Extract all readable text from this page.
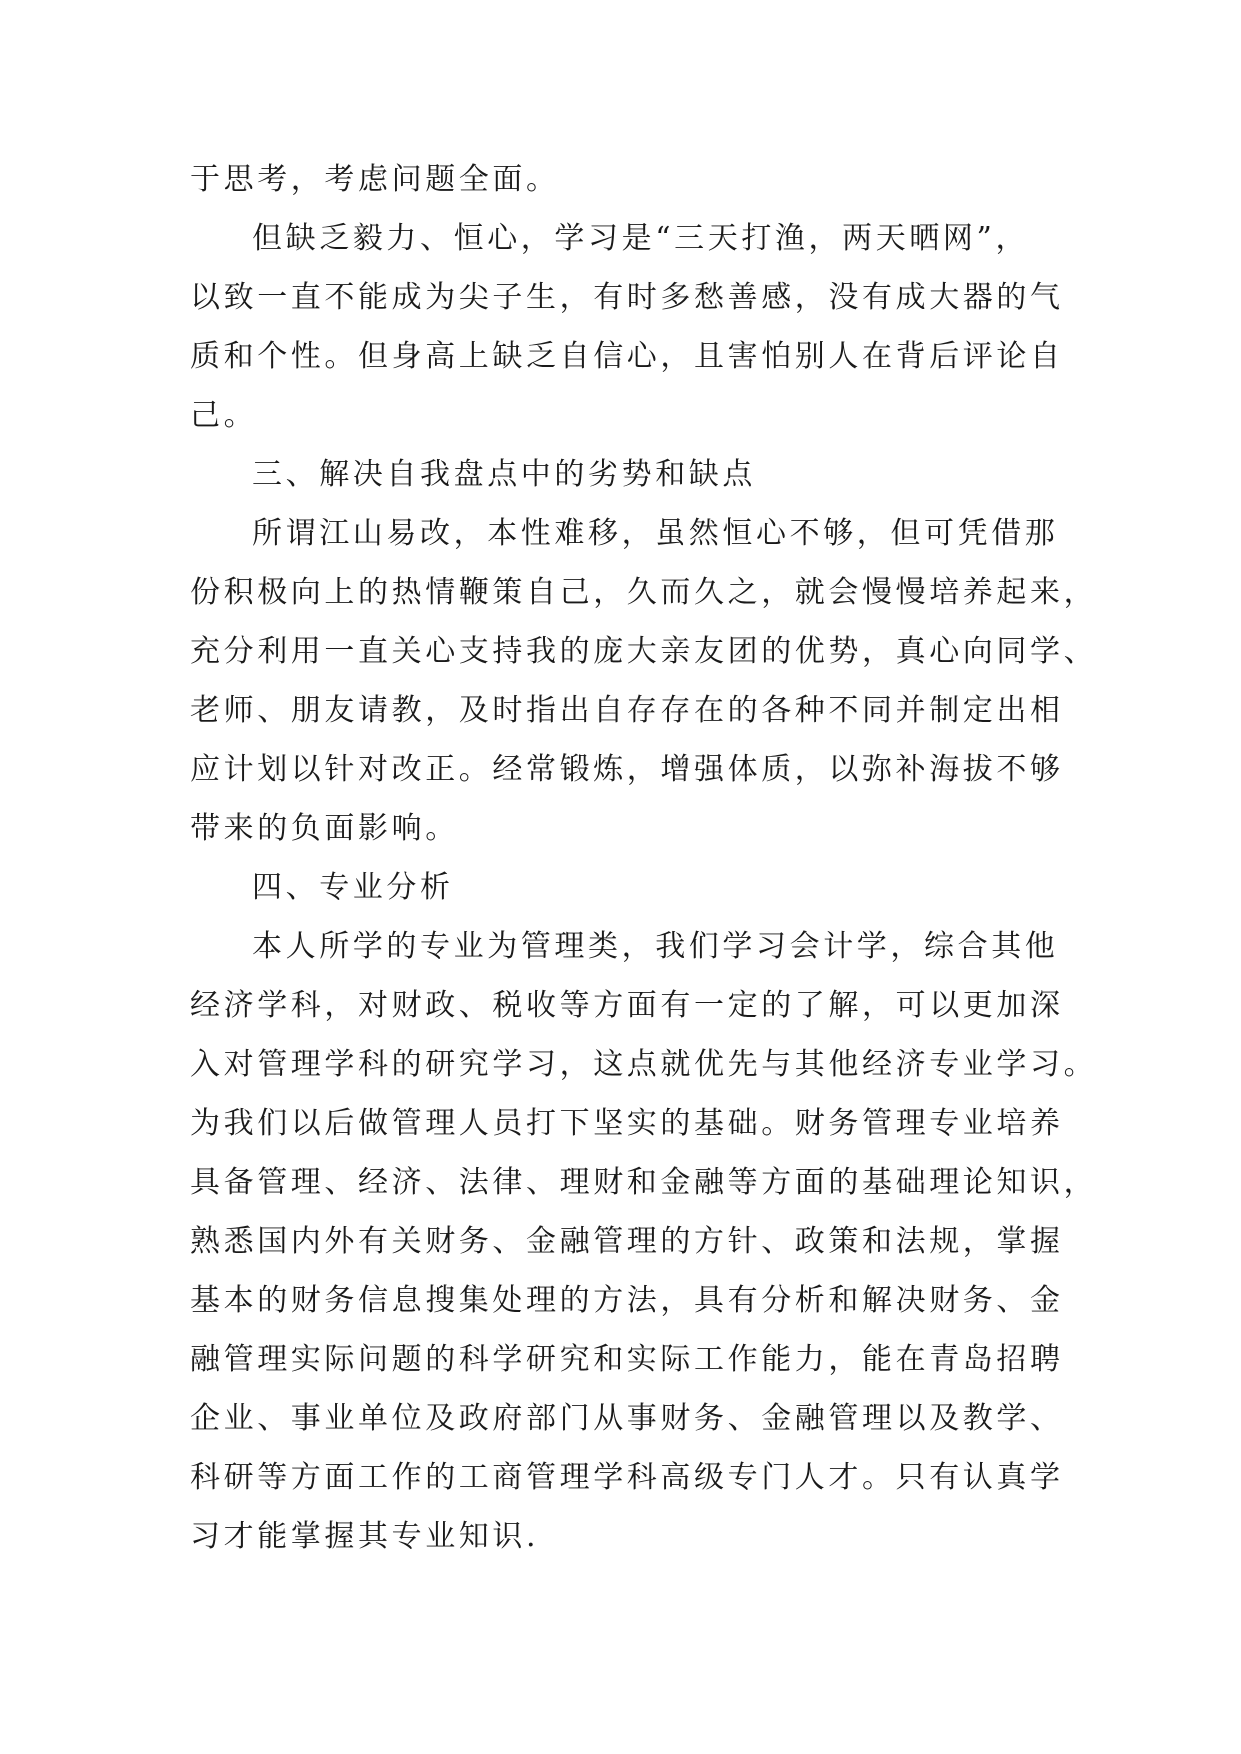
于思考，考虑问题全面。
但缺乏毅力、恒心，学习是“三天打渔，两天晒网”，
以致一直不能成为尖子生，有时多愁善感，没有成大器的气
质和个性。但身高上缺乏自信心，且害怕别人在背后评论自
己。
三、解决自我盘点中的劣势和缺点
所谓江山易改，本性难移，虽然恒心不够，但可凭借那
份积极向上的热情鞭策自己，久而久之，就会慢慢培养起来，
充分利用一直关心支持我的庞大亲友团的优势，真心向同学、
老师、朋友请教，及时指出自存存在的各种不同并制定出相
应计划以针对改正。经常锻炼，增强体质，以弥补海拔不够
带来的负面影响。
四、专业分析
本人所学的专业为管理类，我们学习会计学，综合其他
经济学科，对财政、税收等方面有一定的了解，可以更加深
入对管理学科的研究学习，这点就优先与其他经济专业学习。
为我们以后做管理人员打下坚实的基础。财务管理专业培养
具备管理、经济、法律、理财和金融等方面的基础理论知识，
熟悉国内外有关财务、金融管理的方针、政策和法规，掌握
基本的财务信息搜集处理的方法，具有分析和解决财务、金
融管理实际问题的科学研究和实际工作能力，能在青岛招聘
企业、事业单位及政府部门从事财务、金融管理以及教学、
科研等方面工作的工商管理学科高级专门人才。只有认真学
习才能掌握其专业知识.
